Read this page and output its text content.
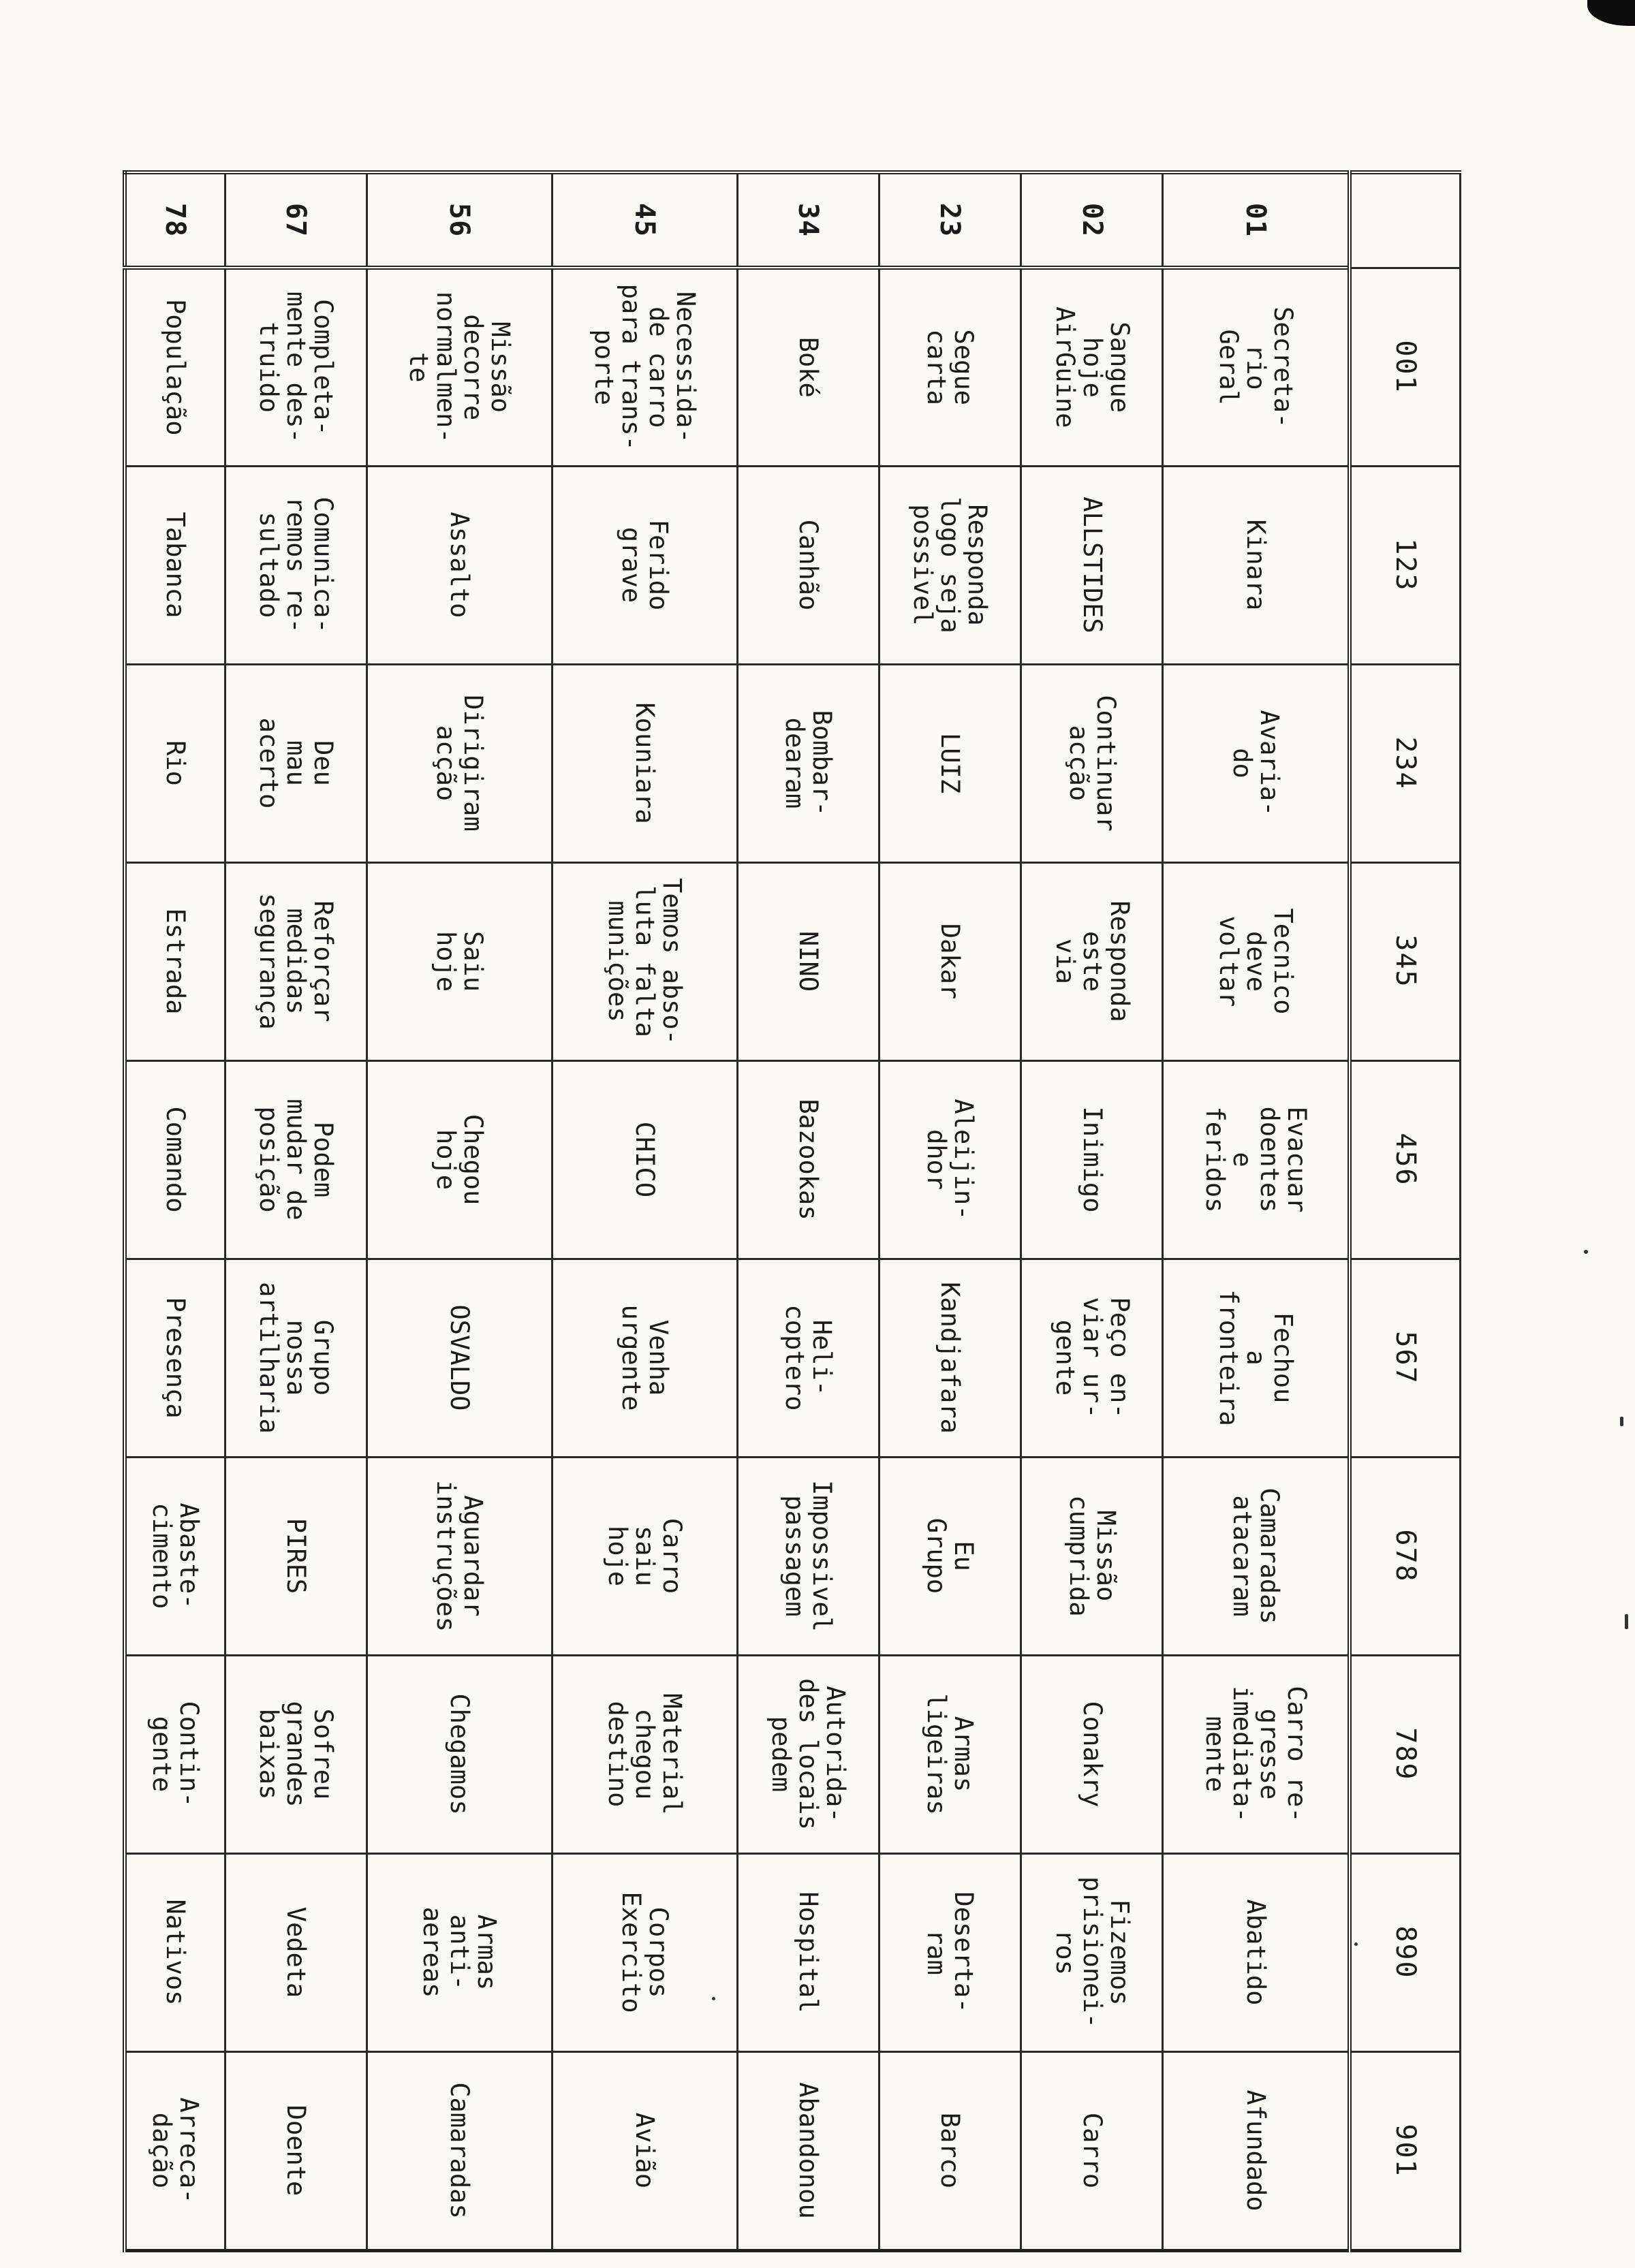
	001	123	234	345	456	567	678	789	890	901
01	Secreta-
rio
Geral	Kinara	Avaria-
do	Tecnico
deve
voltar	Evacuar
doentes
e
feridos	Fechou
a
fronteira	Camaradas
atacaram	Carro re-
gresse
imediata-
mente	Abatido	Afundado
02	Sangue
hoje
AirGuine	ALLSTIDES	Continuar
acção	Responda
este
via	Inimigo	Peço en-
viar ur-
gente	Missão
cumprida	Conakry	Fizemos
prisionei-
ros	Carro
23	Segue
carta	Responda
logo seja
possivel	LUIZ	Dakar	Aleijin-
dhor	Kandjafara	Eu
Grupo	Armas
ligeiras	Deserta-
ram	Barco
34	Boké	Canhão	Bombar-
dearam	NINO	Bazookas	Heli-
coptero	Impossivel
passagem	Autorida-
des locais
pedem	Hospital	Abandonou
45	Necessida-
de carro
para trans-
porte	Ferido
grave	Kouniara	Temos abso-
luta falta
munições	CHICO	Venha
urgente	Carro
saiu
hoje	Material
chegou
destino	Corpos
Exercito	Avião
56	Missão
decorre
normalmen-
te	Assalto	Dirigiram
acção	Saiu
hoje	Chegou
hoje	OSVALDO	Aguardar
instruções	Chegamos	Armas
anti-
aereas	Camaradas
67	Completa-
mente des-
truido	Comunica-
remos re-
sultado	Deu
mau
acerto	Reforçar
medidas
segurança	Podem
mudar de
posição	Grupo
nossa
artilharia	PIRES	Sofreu
grandes
baixas	Vedeta	Doente
78	População	Tabanca	Rio	Estrada	Comando	Presença	Abaste-
cimento	Contin-
gente	Nativos	Arreca-
dação
